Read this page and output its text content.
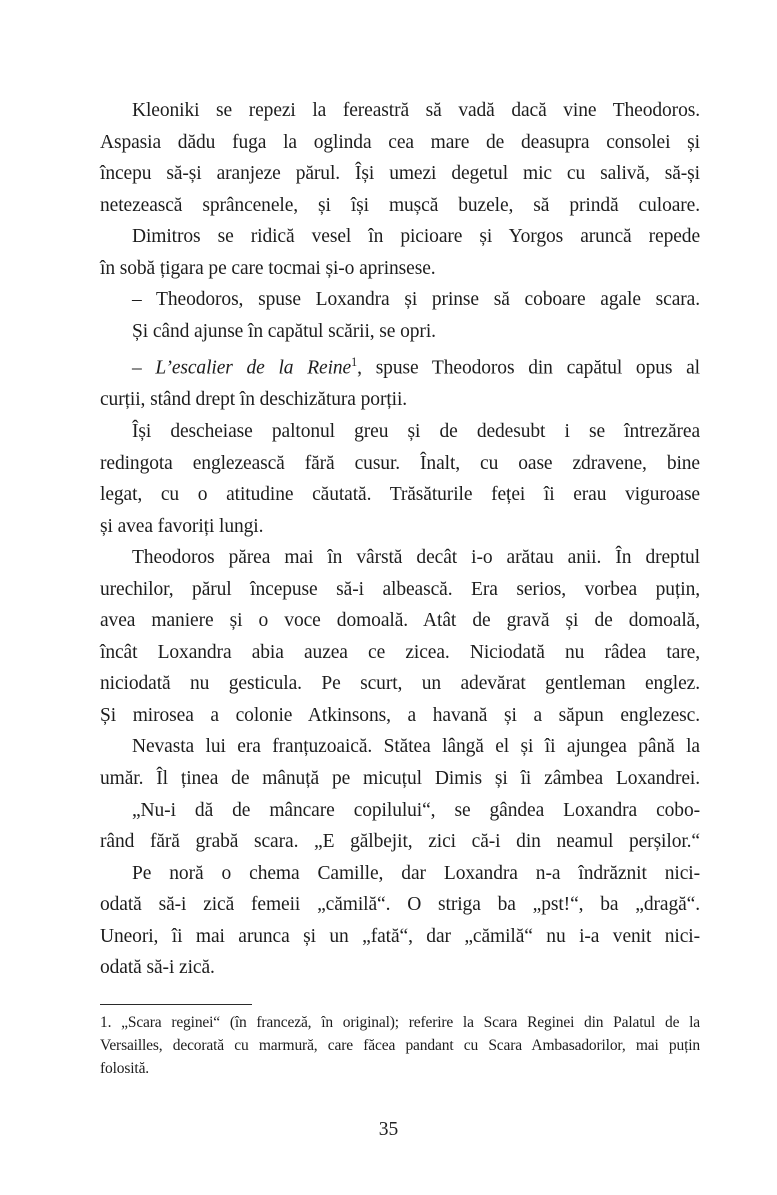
Kleoniki se repezi la fereastră să vadă dacă vine Theodoros.
Aspasia dădu fuga la oglinda cea mare de deasupra consolei și
începu să-și aranjeze părul. Își umezi degetul mic cu salivă, să-și
netezească sprâncenele, și își mușcă buzele, să prindă culoare.
Dimitros se ridică vesel în picioare și Yorgos aruncă repede
în sobă țigara pe care tocmai și-o aprinsese.
– Theodoros, spuse Loxandra și prinse să coboare agale scara.
Și când ajunse în capătul scării, se opri.
– L’escalier de la Reine$^1$, spuse Theodoros din capătul opus al
curții, stând drept în deschizătura porții.
Își descheiase paltonul greu și de dedesubt i se întrezărea
redingota englezească fără cusur. Înalt, cu oase zdravene, bine
legat, cu o atitudine căutată. Trăsăturile feței îi erau viguroase
și avea favoriți lungi.
Theodoros părea mai în vârstă decât i-o arătau anii. În dreptul
urechilor, părul începuse să-i albească. Era serios, vorbea puțin,
avea maniere și o voce domoală. Atât de gravă și de domoală,
încât Loxandra abia auzea ce zicea. Niciodată nu râdea tare,
niciodată nu gesticula. Pe scurt, un adevărat gentleman englez.
Și mirosea a colonie Atkinsons, a havană și a săpun englezesc.
Nevasta lui era franțuzoaică. Stătea lângă el și îi ajungea până la
umăr. Îl ținea de mânuță pe micuțul Dimis și îi zâmbea Loxandrei.
„Nu-i dă de mâncare copilului“, se gândea Loxandra cobo-
rând fără grabă scara. „E gălbejit, zici că-i din neamul perșilor.“
Pe noră o chema Camille, dar Loxandra n-a îndrăznit nici-
odată să-i zică femeii „cămilă“. O striga ba „pst!“, ba „dragă“.
Uneori, îi mai arunca și un „fată“, dar „cămilă“ nu i-a venit nici-
odată să-i zică.
1. „Scara reginei“ (în franceză, în original); referire la Scara Reginei din Palatul de la
Versailles, decorată cu marmură, care făcea pandant cu Scara Ambasadorilor, mai puțin
folosită.
35
